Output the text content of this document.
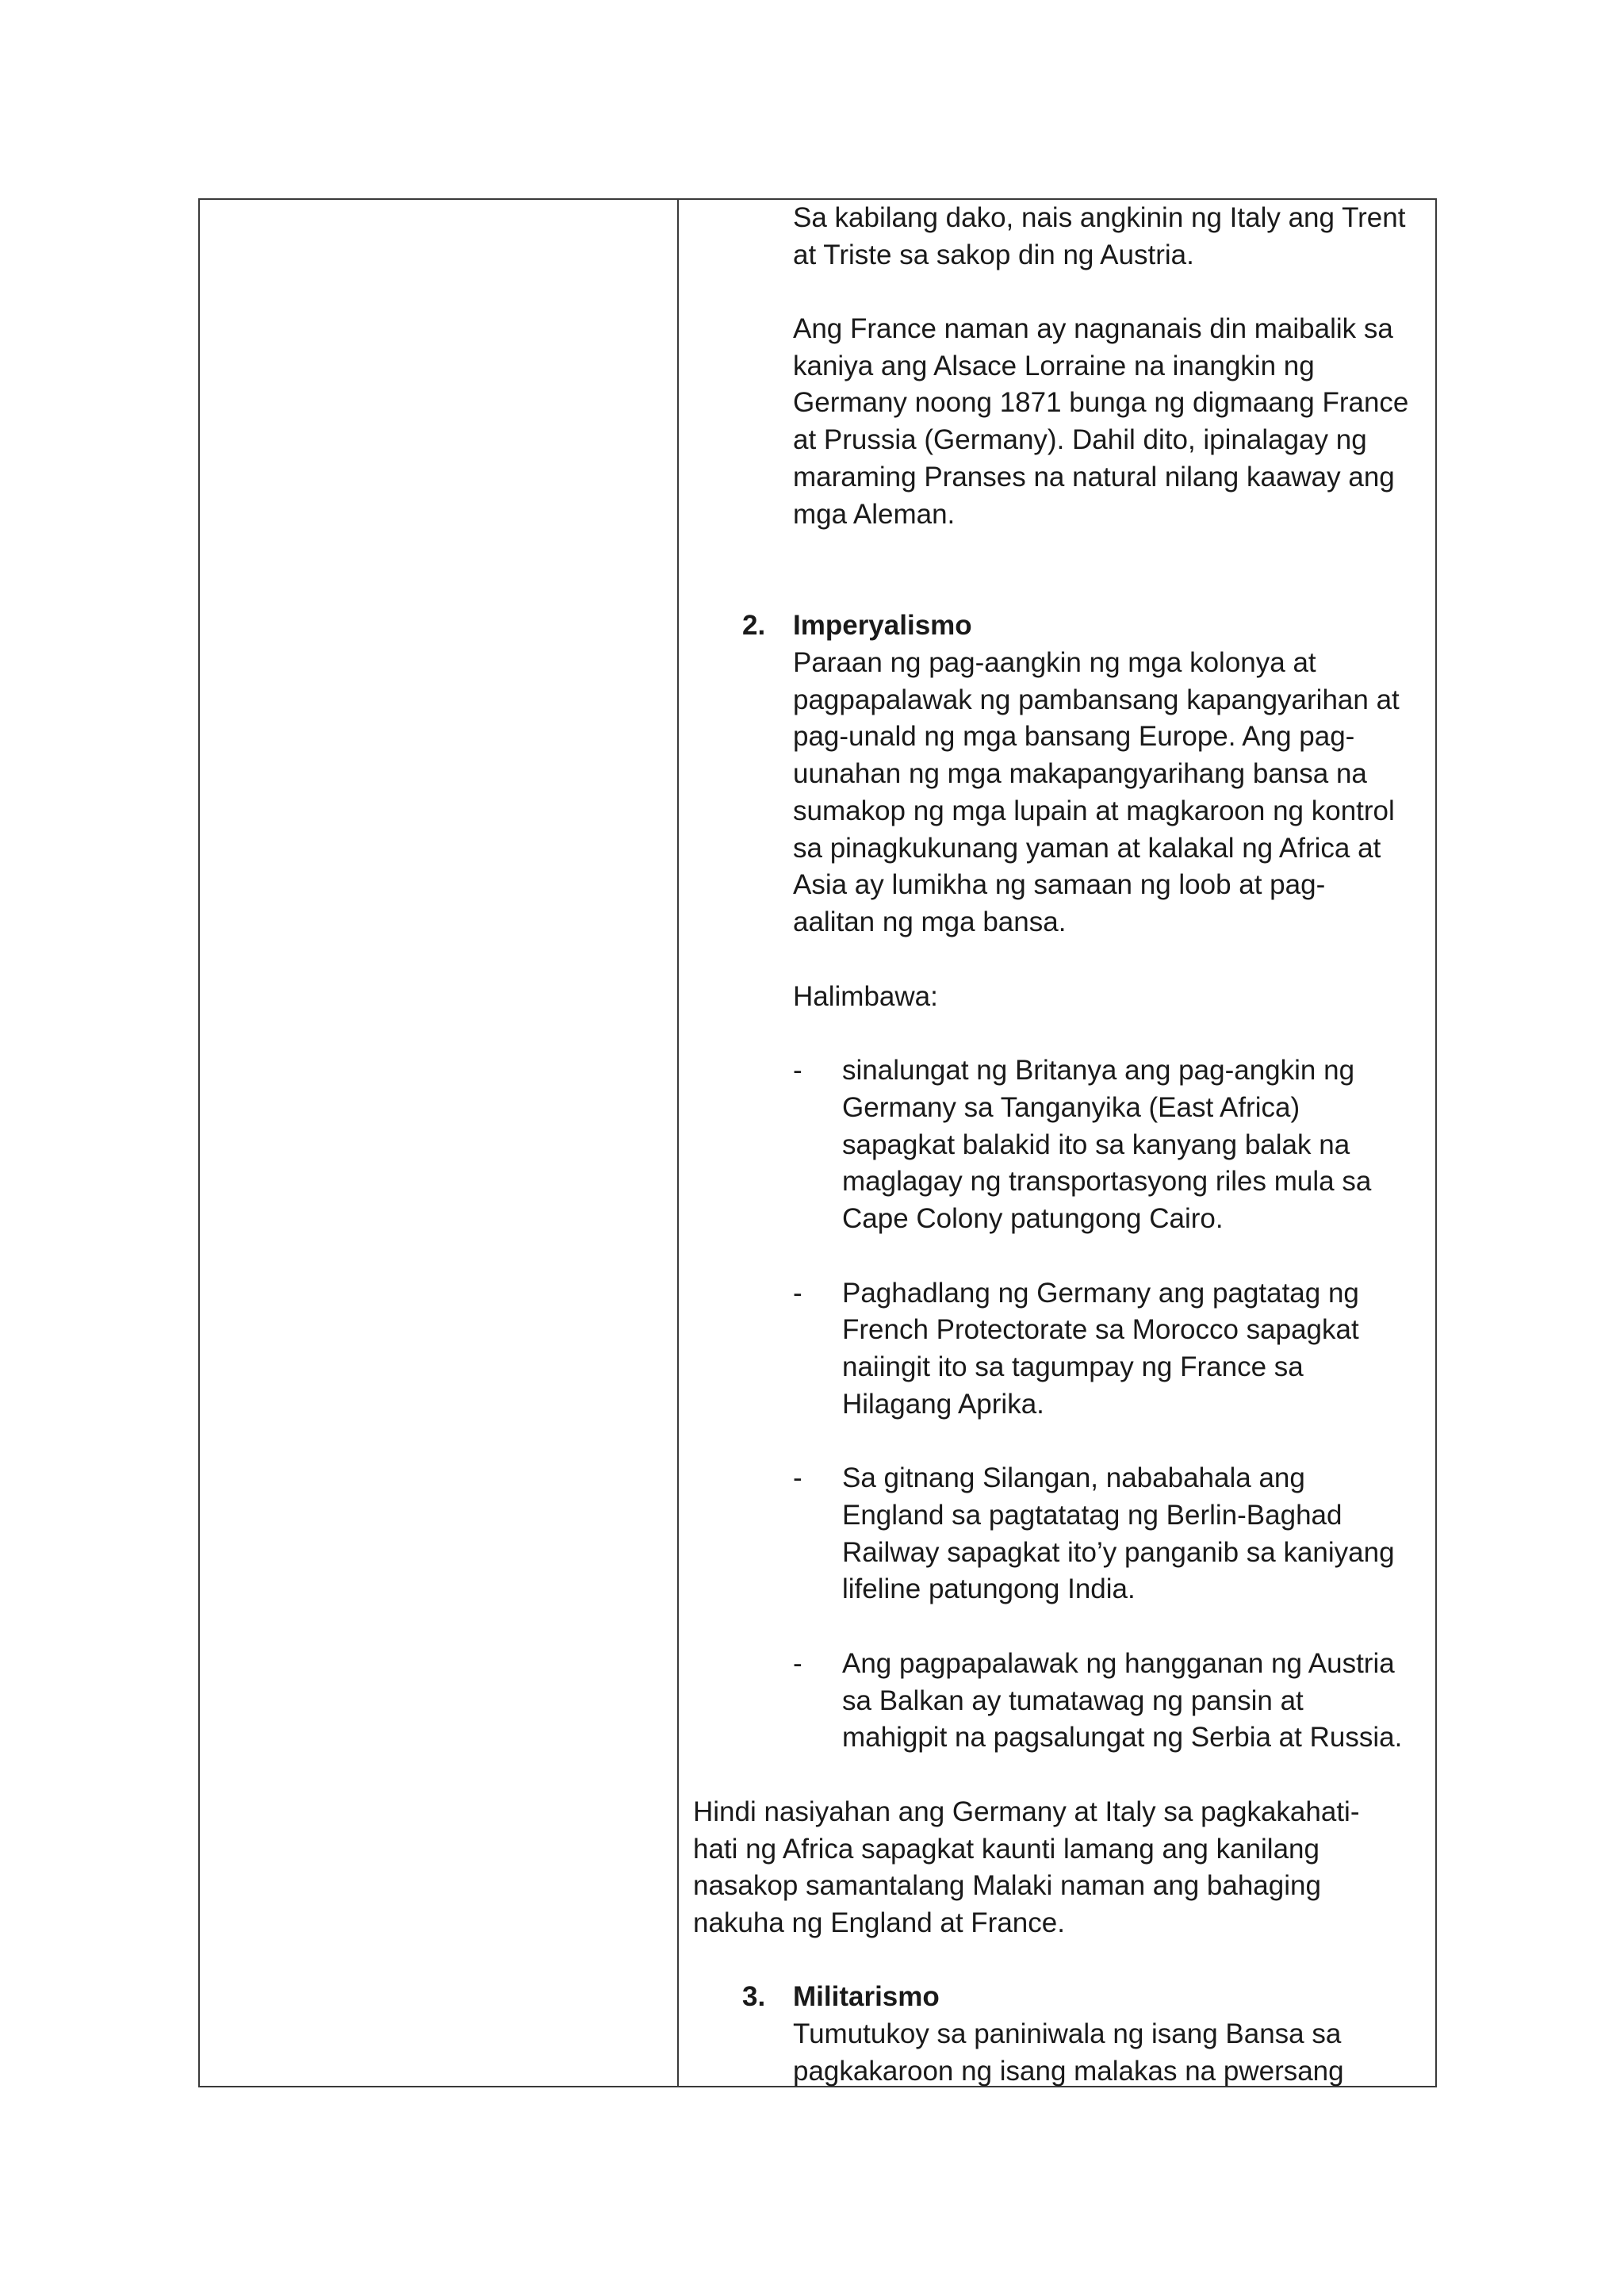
Sa kabilang dako, nais angkinin ng Italy ang Trent
at Triste sa sakop din ng Austria.
Ang France naman ay nagnanais din maibalik sa
kaniya ang Alsace Lorraine na inangkin ng
Germany noong 1871 bunga ng digmaang France
at Prussia (Germany). Dahil dito, ipinalagay ng
maraming Pranses na natural nilang kaaway ang
mga Aleman.
2. Imperyalismo
Paraan ng pag-aangkin ng mga kolonya at
pagpapalawak ng pambansang kapangyarihan at
pag-unald ng mga bansang Europe. Ang pag-
uunahan ng mga makapangyarihang bansa na
sumakop ng mga lupain at magkaroon ng kontrol
sa pinagkukunang yaman at kalakal ng Africa at
Asia ay lumikha ng samaan ng loob at pag-
aalitan ng mga bansa.
Halimbawa:
- sinalungat ng Britanya ang pag-angkin ng
Germany sa Tanganyika (East Africa)
sapagkat balakid ito sa kanyang balak na
maglagay ng transportasyong riles mula sa
Cape Colony patungong Cairo.
- Paghadlang ng Germany ang pagtatag ng
French Protectorate sa Morocco sapagkat
naiingit ito sa tagumpay ng France sa
Hilagang Aprika.
- Sa gitnang Silangan, nababahala ang
England sa pagtatatag ng Berlin-Baghad
Railway sapagkat ito’y panganib sa kaniyang
lifeline patungong India.
- Ang pagpapalawak ng hangganan ng Austria
sa Balkan ay tumatawag ng pansin at
mahigpit na pagsalungat ng Serbia at Russia.
Hindi nasiyahan ang Germany at Italy sa pagkakahati-
hati ng Africa sapagkat kaunti lamang ang kanilang
nasakop samantalang Malaki naman ang bahaging
nakuha ng England at France.
3. Militarismo
Tumutukoy sa paniniwala ng isang Bansa sa
pagkakaroon ng isang malakas na pwersang
